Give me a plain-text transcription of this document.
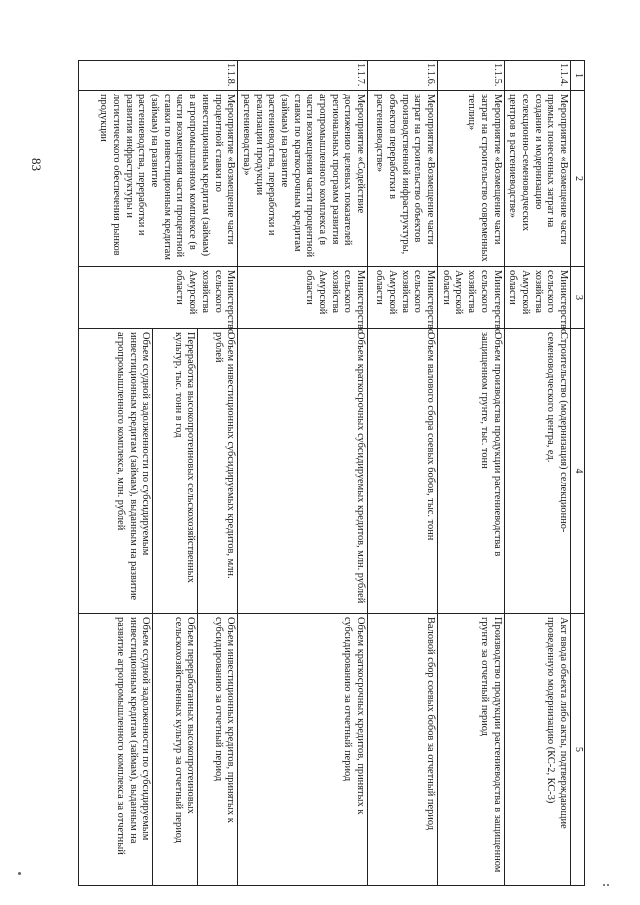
83
1	2	3	4	5
1.1.4.	Мероприятие «Возмещение части прямых понесенных затрат на создание и модернизацию селекционно-семеноводческих центров в растениеводстве»	Министерство сельского хозяйства Амурской области	Строительство (модернизация) селекционно-семеноводческого центра, ед.	Акт ввода объекта либо акты, подтверждающие проведенную модернизацию (КС-2, КС-3)
1.1.5.	Мероприятие «Возмещение части затрат на строительство современных теплиц»	Министерство сельского хозяйства Амурской области	Объем производства продукции растениеводства в защищенном грунте, тыс. тонн	Производство продукции растениеводства в защищенном грунте за отчетный период
1.1.6.	Мероприятие «Возмещение части затрат на строительство объектов производственной инфраструктуры, объектов переработки в растениеводстве»	Министерство сельского хозяйства Амурской области	Объем валового сбора соевых бобов, тыс. тонн	Валовой сбор соевых бобов за отчетный период
1.1.7.	Мероприятие «Содействие достижению целевых показателей региональных программ развития агропромышленного комплекса (в части возмещения части процентной ставки по краткосрочным кредитам (займам) на развитие растениеводства, переработки и реализации продукции растениеводства)»	Министерство сельского хозяйства Амурской области	Объем краткосрочных субсидируемых кредитов, млн. рублей	Объем краткосрочных кредитов, принятых к субсидированию за отчетный период
1.1.8.	Мероприятие «Возмещение части процентной ставки по инвестиционным кредитам (займам) в агропромышленном комплексе (в части возмещения части процентной ставки по инвестиционным кредитам (займам) на развитие растениеводства, переработки и развития инфраструктуры и логистического обеспечения рынков продукции	Министерство сельского хозяйства Амурской области	Объем инвестиционных субсидируемых кредитов, млн. рублей	Объем инвестиционных кредитов, принятых к субсидированию за отчетный период
			Переработка высокопротеиновых сельскохозяйственных культур, тыс. тонн в год	Объем переработанных высокопротеиновых сельскохозяйственных культур за отчетный период
			Объем ссудной задолженности по субсидируемым инвестиционным кредитам (займам), выданным на развитие агропромышленного комплекса, млн. рублей	Объем ссудной задолженности по субсидируемым инвестиционным кредитам (займам), выданным на развитие агропромышленного комплекса за отчетный
